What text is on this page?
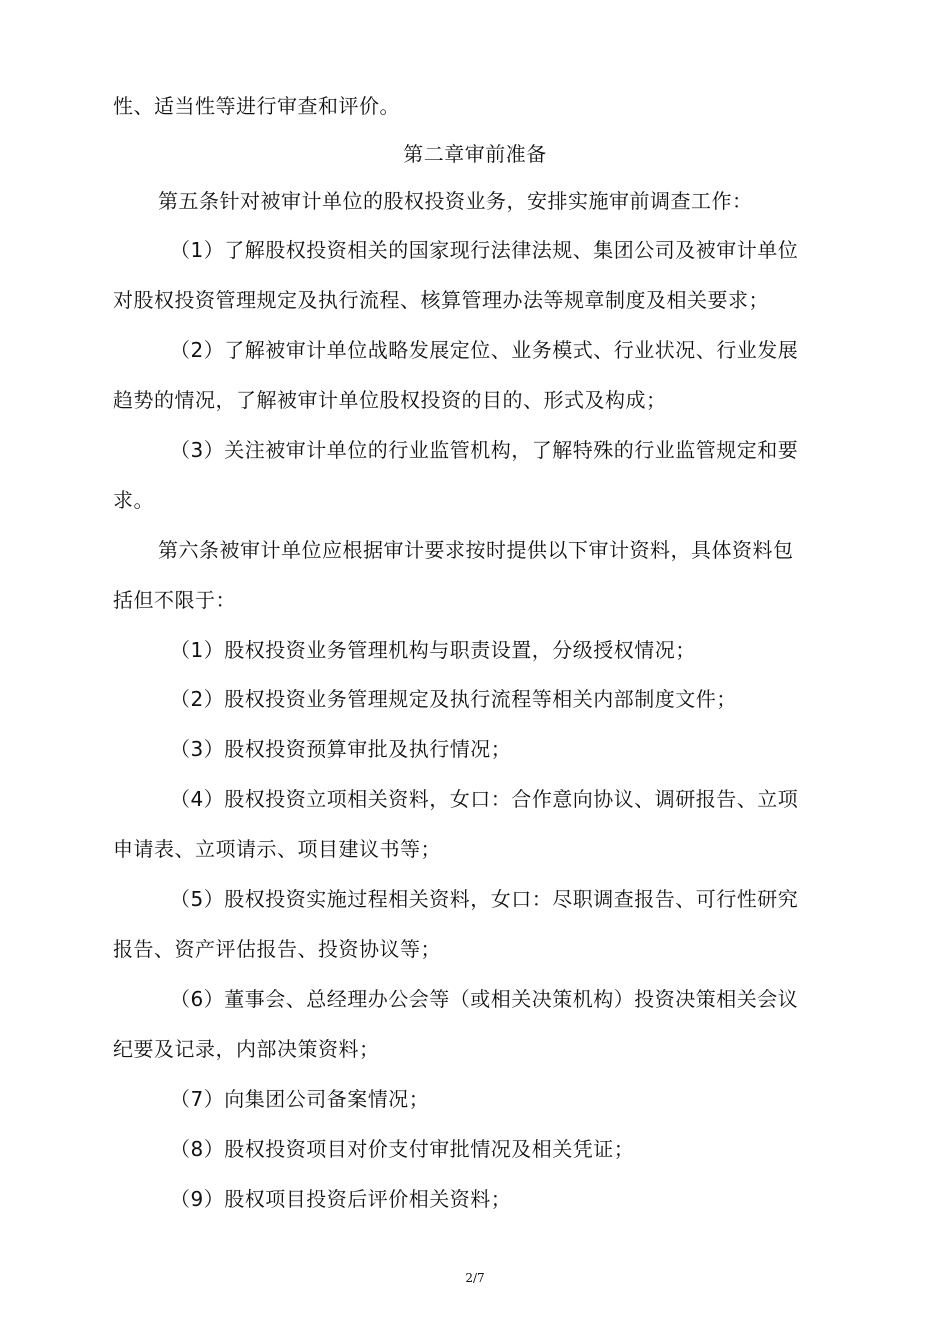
性、适当性等进行审查和评价。
第二章审前准备
第五条针对被审计单位的股权投资业务，安排实施审前调查工作：
（1）了解股权投资相关的国家现行法律法规、集团公司及被审计单位
对股权投资管理规定及执行流程、核算管理办法等规章制度及相关要求；
（2）了解被审计单位战略发展定位、业务模式、行业状况、行业发展
趋势的情况，了解被审计单位股权投资的目的、形式及构成；
（3）关注被审计单位的行业监管机构，了解特殊的行业监管规定和要
求。
第六条被审计单位应根据审计要求按时提供以下审计资料，具体资料包
括但不限于：
（1）股权投资业务管理机构与职责设置，分级授权情况；
（2）股权投资业务管理规定及执行流程等相关内部制度文件；
（3）股权投资预算审批及执行情况；
（4）股权投资立项相关资料，女口：合作意向协议、调研报告、立项
申请表、立项请示、项目建议书等；
（5）股权投资实施过程相关资料，女口：尽职调查报告、可行性研究
报告、资产评估报告、投资协议等；
（6）董事会、总经理办公会等（或相关决策机构）投资决策相关会议
纪要及记录，内部决策资料；
（7）向集团公司备案情况；
（8）股权投资项目对价支付审批情况及相关凭证；
（9）股权项目投资后评价相关资料；
2/7
